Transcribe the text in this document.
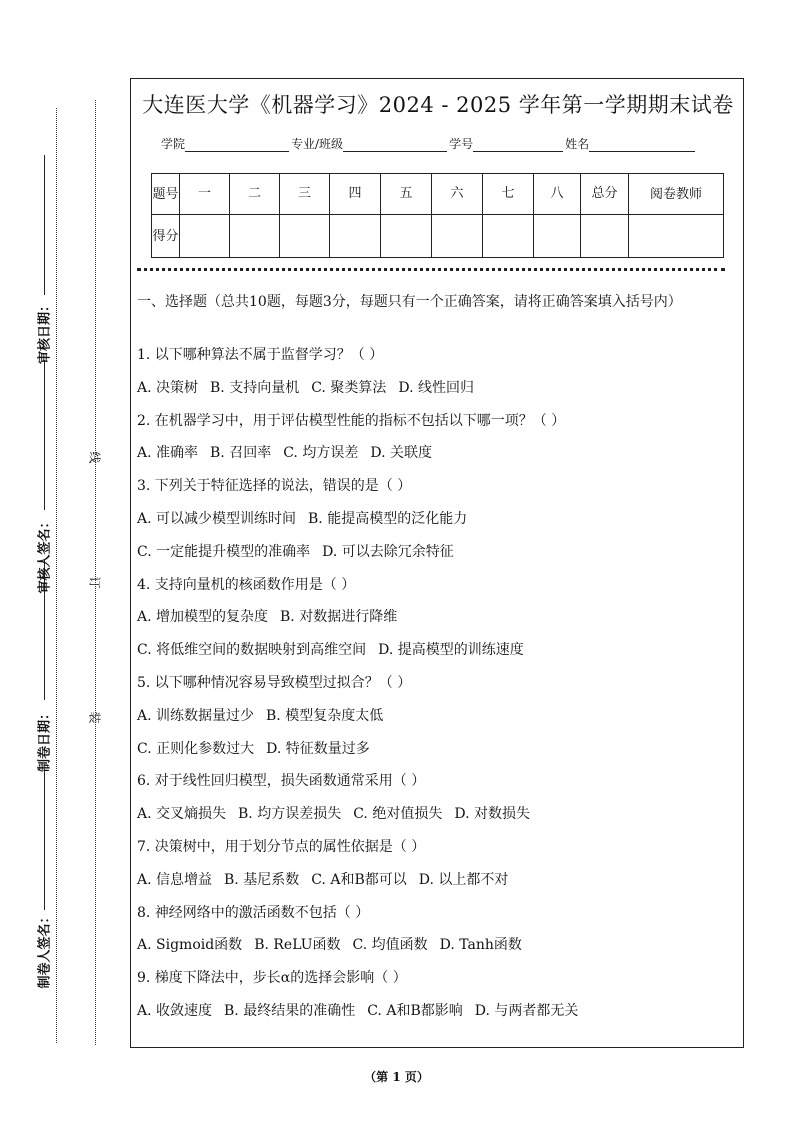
审核日期：
审核人签名：
制卷日期：
制卷人签名：
线
订
装
大连医大学《机器学习》2024 - 2025 学年第一学期期末试卷
学院	专业/班级	学号	姓名
题号	一	二	三	四	五	六	七	八	总分	阅卷教师
得分										
一、选择题（总共10题，每题3分，每题只有一个正确答案，请将正确答案填入括号内）
1. 以下哪种算法不属于监督学习？（ ）
A. 决策树 B. 支持向量机 C. 聚类算法 D. 线性回归
2. 在机器学习中，用于评估模型性能的指标不包括以下哪一项？（ ）
A. 准确率 B. 召回率 C. 均方误差 D. 关联度
3. 下列关于特征选择的说法，错误的是（ ）
A. 可以减少模型训练时间 B. 能提高模型的泛化能力
C. 一定能提升模型的准确率 D. 可以去除冗余特征
4. 支持向量机的核函数作用是（ ）
A. 增加模型的复杂度 B. 对数据进行降维
C. 将低维空间的数据映射到高维空间 D. 提高模型的训练速度
5. 以下哪种情况容易导致模型过拟合？（ ）
A. 训练数据量过少 B. 模型复杂度太低
C. 正则化参数过大 D. 特征数量过多
6. 对于线性回归模型，损失函数通常采用（ ）
A. 交叉熵损失 B. 均方误差损失 C. 绝对值损失 D. 对数损失
7. 决策树中，用于划分节点的属性依据是（ ）
A. 信息增益 B. 基尼系数 C. A和B都可以 D. 以上都不对
8. 神经网络中的激活函数不包括（ ）
A. Sigmoid函数 B. ReLU函数 C. 均值函数 D. Tanh函数
9. 梯度下降法中，步长α的选择会影响（ ）
A. 收敛速度 B. 最终结果的准确性 C. A和B都影响 D. 与两者都无关
（第 1 页）
